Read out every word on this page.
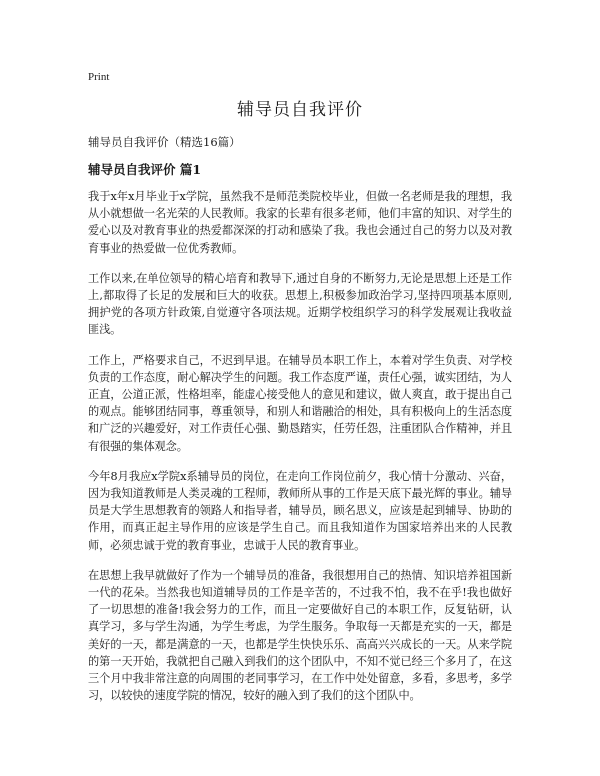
Print
辅导员自我评价

辅导员自我评价（精选16篇）

辅导员自我评价 篇1

我于x年x月毕业于x学院，虽然我不是师范类院校毕业，但做一名老师是我的理想，我从小就想做一名光荣的人民教师。我家的长辈有很多老师，他们丰富的知识、对学生的爱心以及对教育事业的热爱都深深的打动和感染了我。我也会通过自己的努力以及对教育事业的热爱做一位优秀教师。

工作以来,在单位领导的精心培育和教导下,通过自身的不断努力,无论是思想上还是工作上,都取得了长足的发展和巨大的收获。思想上,积极参加政治学习,坚持四项基本原则,拥护党的各项方针政策,自觉遵守各项法规。近期学校组织学习的科学发展观让我收益匪浅。

工作上，严格要求自己，不迟到早退。在辅导员本职工作上，本着对学生负责、对学校负责的工作态度，耐心解决学生的问题。我工作态度严谨，责任心强，诚实团结，为人正直，公道正派，性格坦率，能虚心接受他人的意见和建议，做人爽直，敢于提出自己的观点。能够团结同事，尊重领导，和别人和谐融洽的相处，具有积极向上的生活态度和广泛的兴趣爱好，对工作责任心强、勤恳踏实，任劳任怨，注重团队合作精神，并且有很强的集体观念。

今年8月我应x学院x系辅导员的岗位，在走向工作岗位前夕，我心情十分激动、兴奋，因为我知道教师是人类灵魂的工程师，教师所从事的工作是天底下最光辉的事业。辅导员是大学生思想教育的领路人和指导者，辅导员，顾名思义，应该是起到辅导、协助的作用，而真正起主导作用的应该是学生自己。而且我知道作为国家培养出来的人民教师，必须忠诚于党的教育事业，忠诚于人民的教育事业。

在思想上我早就做好了作为一个辅导员的准备，我很想用自己的热情、知识培养祖国新一代的花朵。当然我也知道辅导员的工作是辛苦的，不过我不怕，我不在乎!我也做好了一切思想的准备!我会努力的工作，而且一定要做好自己的本职工作，反复钻研，认真学习，多与学生沟通，为学生考虑，为学生服务。争取每一天都是充实的一天，都是美好的一天，都是满意的一天，也都是学生快快乐乐、高高兴兴成长的一天。从来学院的第一天开始，我就把自己融入到我们的这个团队中，不知不觉已经三个多月了，在这三个月中我非常注意的向周围的老同事学习，在工作中处处留意，多看，多思考，多学习，以较快的速度学院的情况，较好的融入到了我们的这个团队中。
